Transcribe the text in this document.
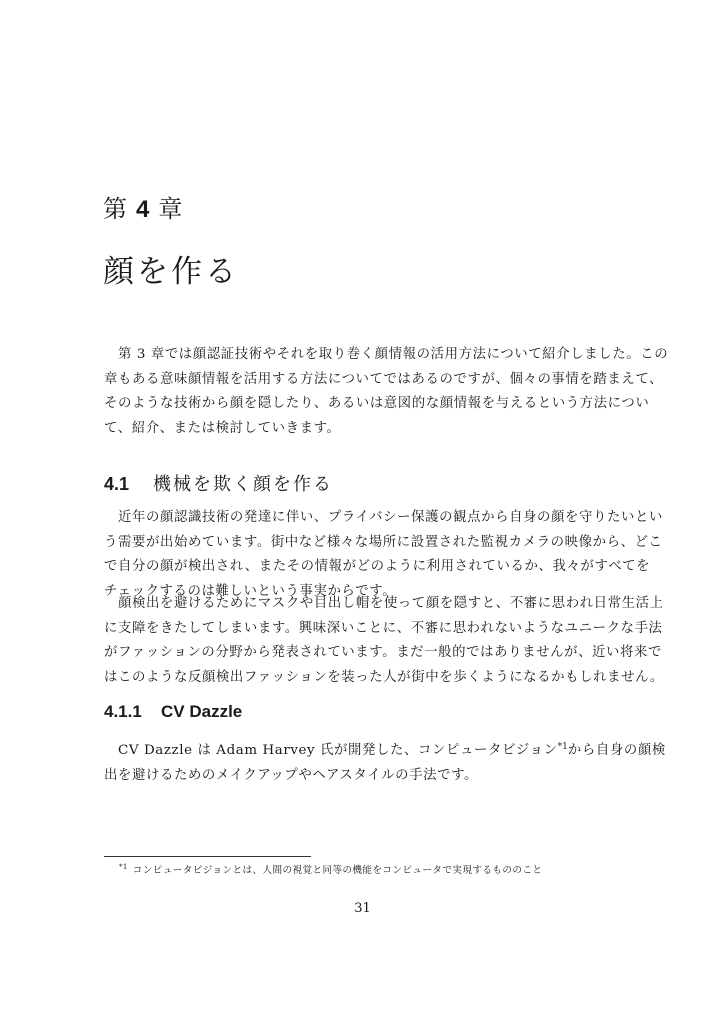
第 4 章
顔を作る

第 3 章では顔認証技術やそれを取り巻く顔情報の活用方法について紹介しました。この
章もある意味顔情報を活用する方法についてではあるのですが、個々の事情を踏まえて、
そのような技術から顔を隠したり、あるいは意図的な顔情報を与えるという方法につい
て、紹介、または検討していきます。

4.1 機械を欺く顔を作る

近年の顔認識技術の発達に伴い、プライバシー保護の観点から自身の顔を守りたいとい
う需要が出始めています。街中など様々な場所に設置された監視カメラの映像から、どこ
で自分の顔が検出され、またその情報がどのように利用されているか、我々がすべてを
チェックするのは難しいという事実からです。

顔検出を避けるためにマスクや目出し帽を使って顔を隠すと、不審に思われ日常生活上
に支障をきたしてしまいます。興味深いことに、不審に思われないようなユニークな手法
がファッションの分野から発表されています。まだ一般的ではありませんが、近い将来で
はこのような反顔検出ファッションを装った人が街中を歩くようになるかもしれません。

4.1.1 CV Dazzle

CV Dazzle は Adam Harvey 氏が開発した、コンピュータビジョン$^{*1}$から自身の顔検
出を避けるためのメイクアップやヘアスタイルの手法です。

$^{*1}$ コンピュータビジョンとは、人間の視覚と同等の機能をコンピュータで実現するもののこと
31
